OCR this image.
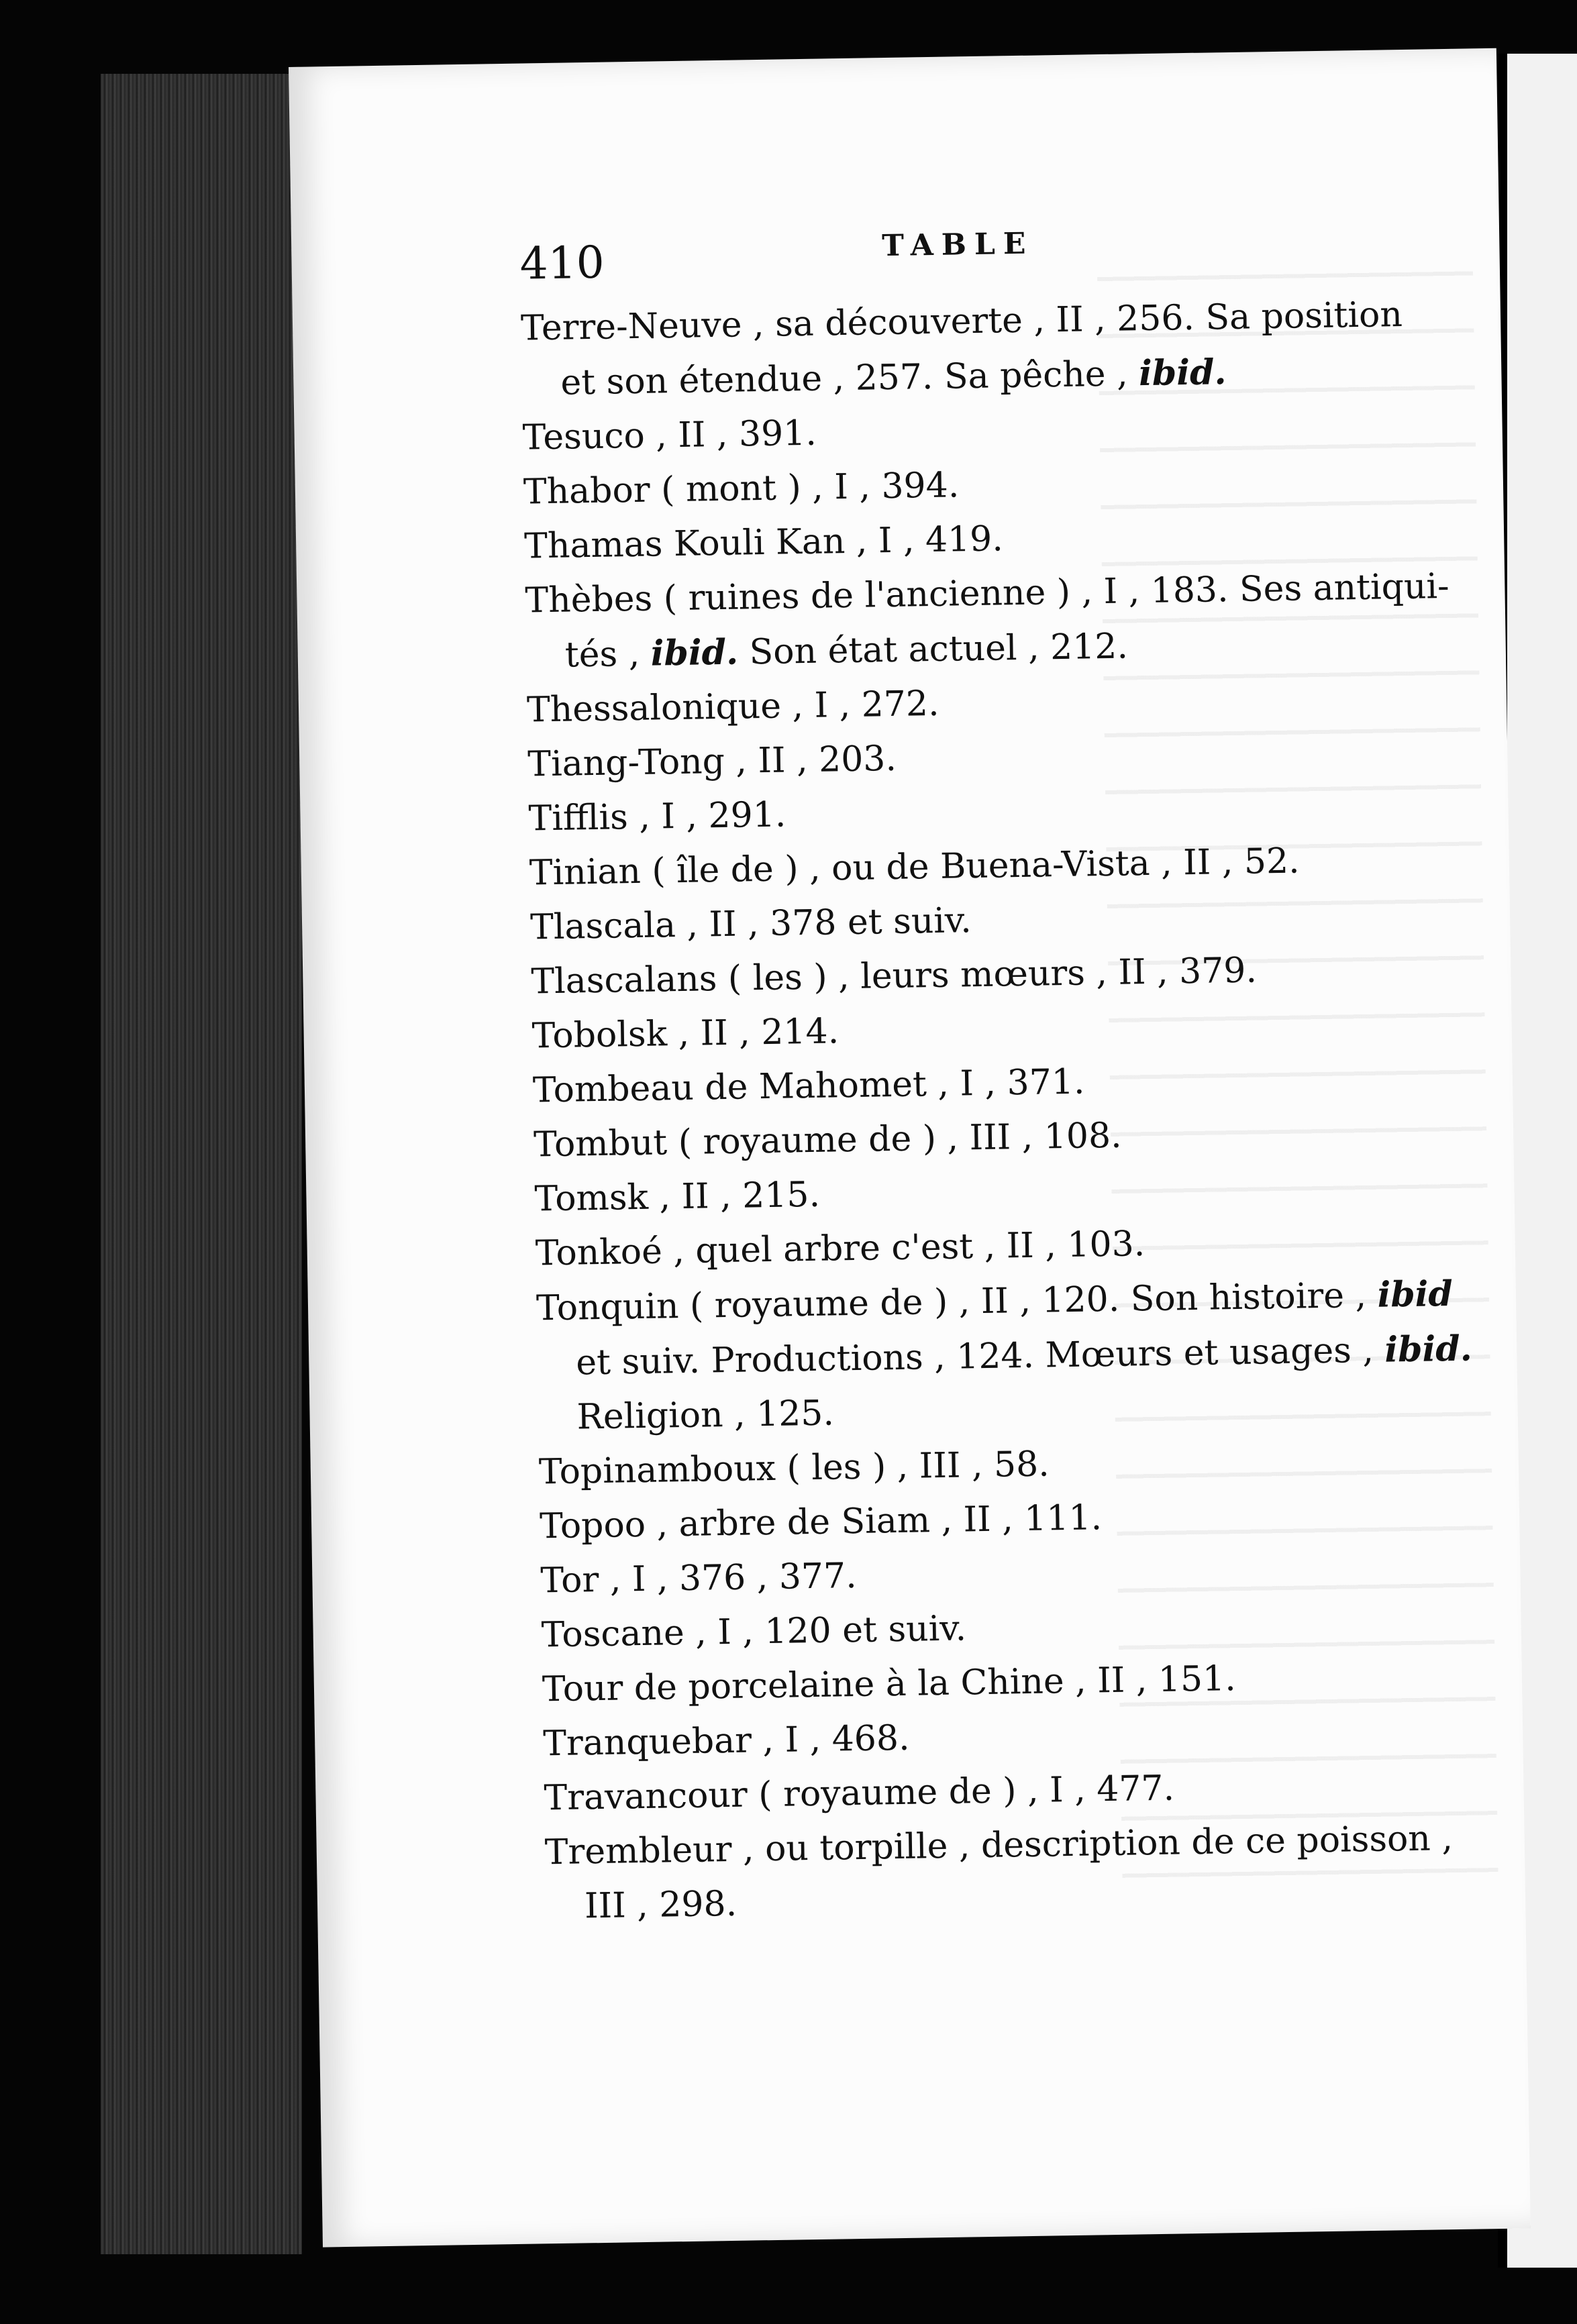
410	TABLE
Terre-Neuve , sa découverte , II , 256. Sa position
et son étendue , 257. Sa pêche , ibid.
Tesuco , II , 391.
Thabor ( mont ) , I , 394.
Thamas Kouli Kan , I , 419.
Thèbes ( ruines de l'ancienne ) , I , 183. Ses antiqui-
tés , ibid. Son état actuel , 212.
Thessalonique , I , 272.
Tiang-Tong , II , 203.
Tifflis , I , 291.
Tinian ( île de ) , ou de Buena-Vista , II , 52.
Tlascala , II , 378 et suiv.
Tlascalans ( les ) , leurs mœurs , II , 379.
Tobolsk , II , 214.
Tombeau de Mahomet , I , 371.
Tombut ( royaume de ) , III , 108.
Tomsk , II , 215.
Tonkoé , quel arbre c'est , II , 103.
Tonquin ( royaume de ) , II , 120. Son histoire , ibid
et suiv. Productions , 124. Mœurs et usages , ibid.
Religion , 125.
Topinamboux ( les ) , III , 58.
Topoo , arbre de Siam , II , 111.
Tor , I , 376 , 377.
Toscane , I , 120 et suiv.
Tour de porcelaine à la Chine , II , 151.
Tranquebar , I , 468.
Travancour ( royaume de ) , I , 477.
Trembleur , ou torpille , description de ce poisson ,
III , 298.
